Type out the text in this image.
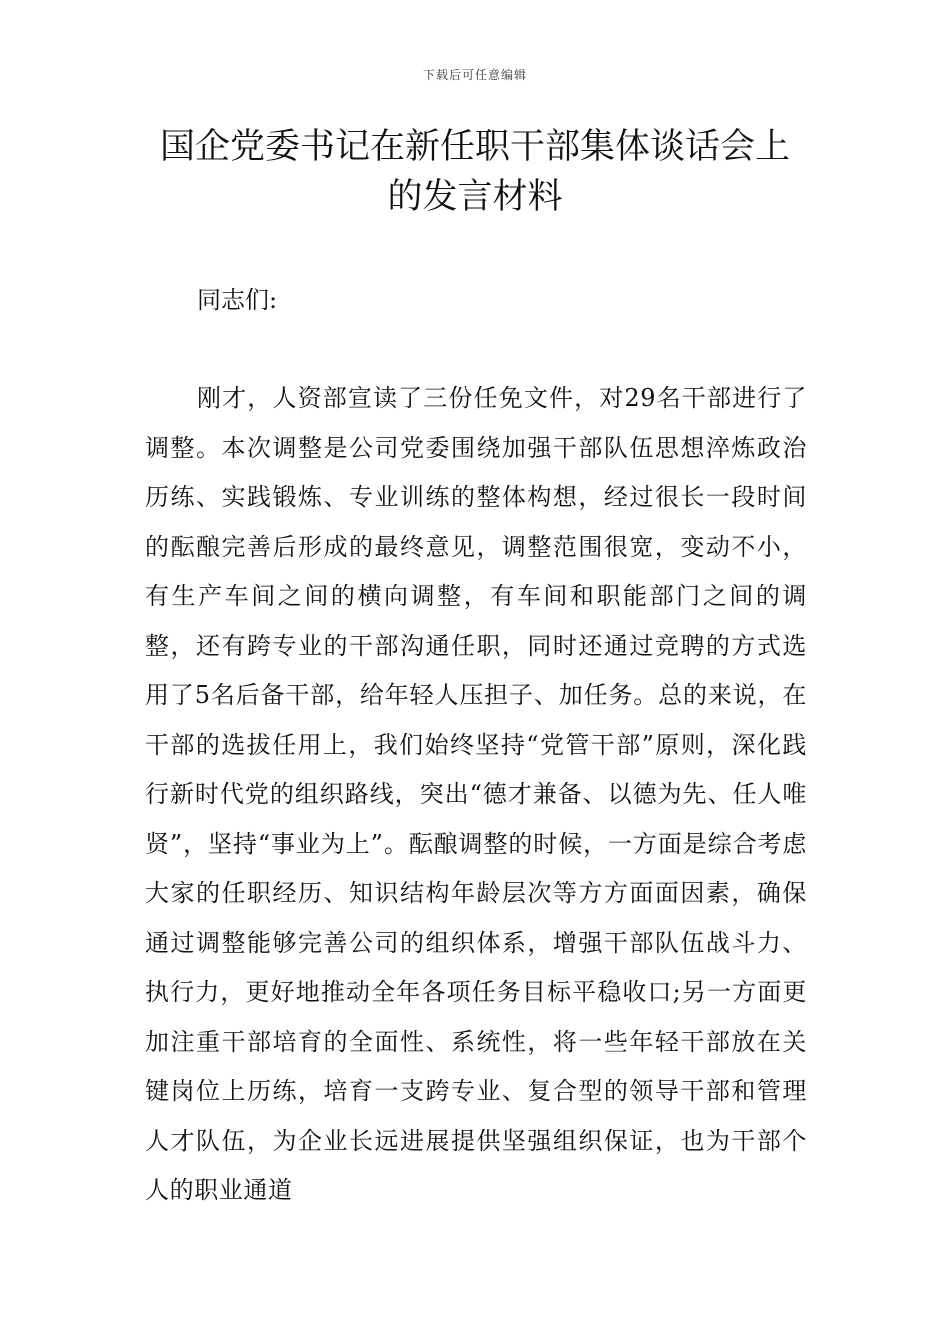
下载后可任意编辑
国企党委书记在新任职干部集体谈话会上的发言材料

同志们:

刚才，人资部宣读了三份任免文件，对29名干部进行了调整。本次调整是公司党委围绕加强干部队伍思想淬炼政治历练、实践锻炼、专业训练的整体构想，经过很长一段时间的酝酿完善后形成的最终意见，调整范围很宽，变动不小，有生产车间之间的横向调整，有车间和职能部门之间的调整，还有跨专业的干部沟通任职，同时还通过竞聘的方式选用了5名后备干部，给年轻人压担子、加任务。总的来说，在干部的选拔任用上，我们始终坚持“党管干部”原则，深化践行新时代党的组织路线，突出“德才兼备、以德为先、任人唯贤”，坚持“事业为上”。酝酿调整的时候，一方面是综合考虑大家的任职经历、知识结构年龄层次等方方面面因素，确保通过调整能够完善公司的组织体系，增强干部队伍战斗力、执行力，更好地推动全年各项任务目标平稳收口;另一方面更加注重干部培育的全面性、系统性，将一些年轻干部放在关键岗位上历练，培育一支跨专业、复合型的领导干部和管理人才队伍，为企业长远进展提供坚强组织保证，也为干部个人的职业通道
